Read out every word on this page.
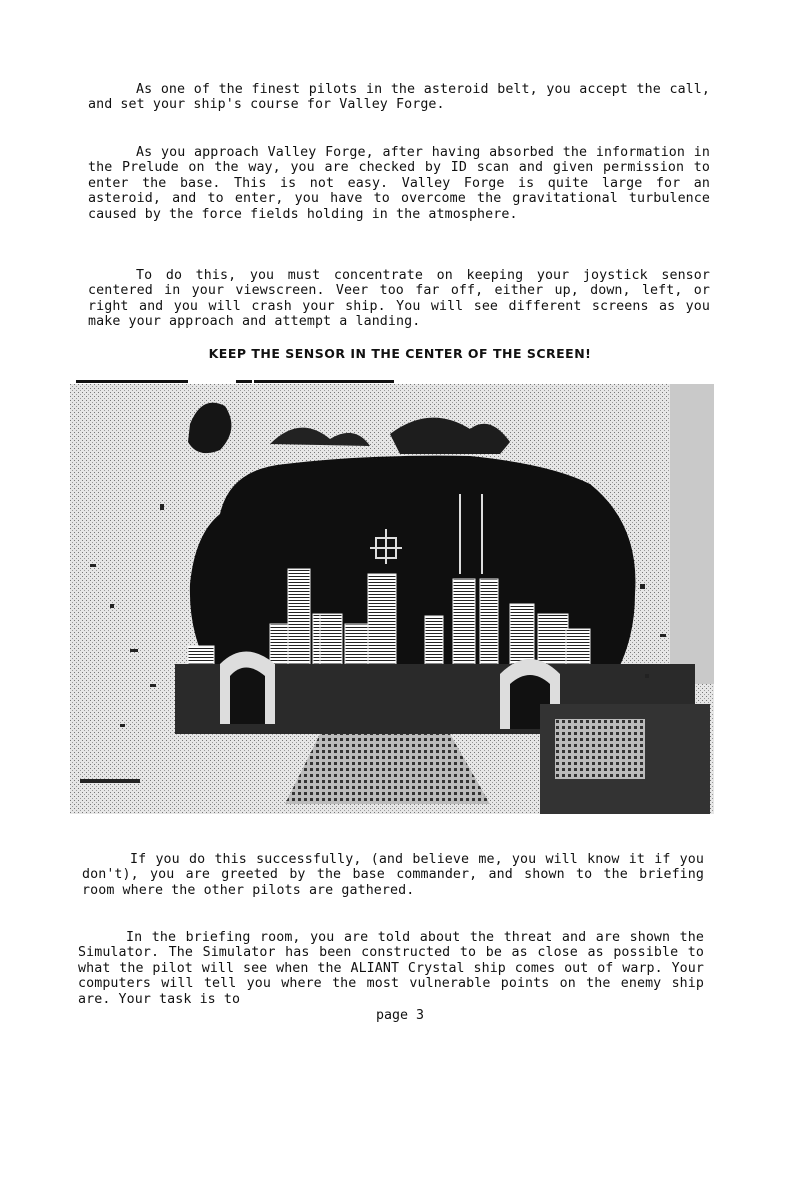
As one of the finest pilots in the asteroid belt, you accept the call, and set your ship's course for Valley Forge.

As you approach Valley Forge, after having absorbed the information in the Prelude on the way, you are checked by ID scan and given permission to enter the base. This is not easy. Valley Forge is quite large for an asteroid, and to enter, you have to overcome the gravitational turbulence caused by the force fields holding in the atmosphere.

To do this, you must concentrate on keeping your joystick sensor centered in your viewscreen. Veer too far off, either up, down, left, or right and you will crash your ship. You will see different screens as you make your approach and attempt a landing.

KEEP THE SENSOR IN THE CENTER OF THE SCREEN!

If you do this successfully, (and believe me, you will know it if you don't), you are greeted by the base commander, and shown to the briefing room where the other pilots are gathered.

In the briefing room, you are told about the threat and are shown the Simulator. The Simulator has been constructed to be as close as possible to what the pilot will see when the ALIANT Crystal ship comes out of warp. Your computers will tell you where the most vulnerable points on the enemy ship are. Your task is to

page 3
